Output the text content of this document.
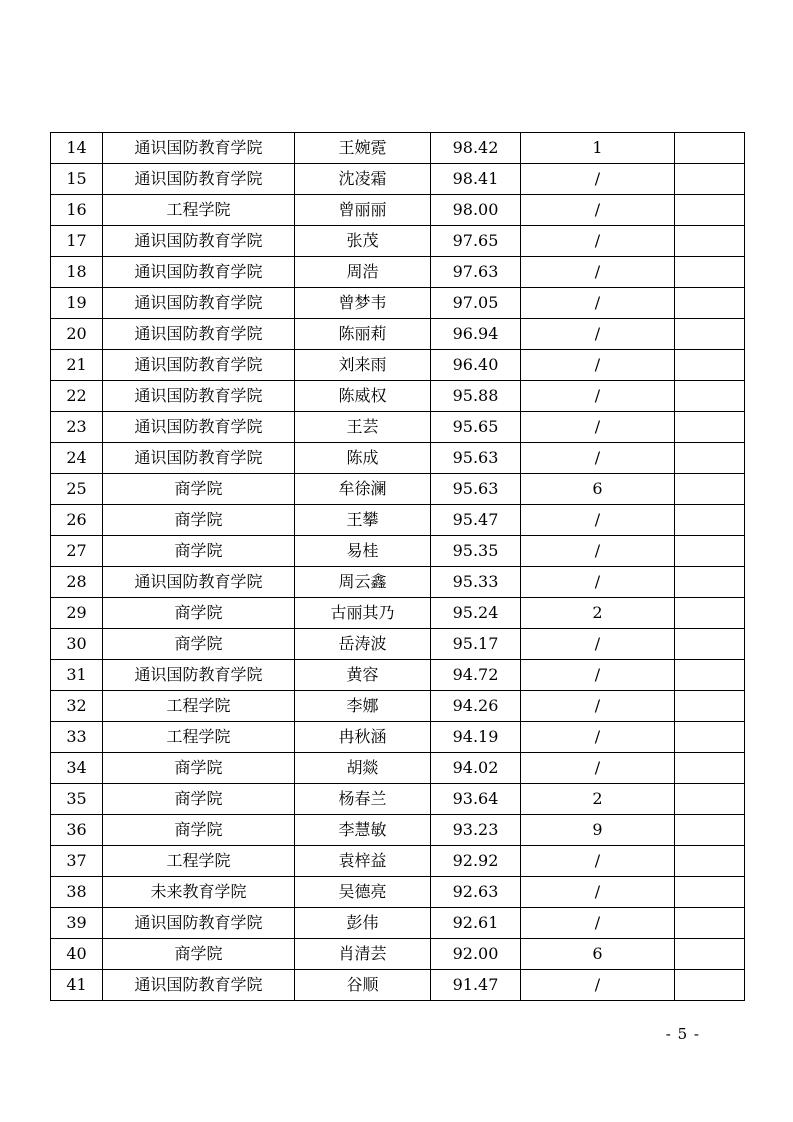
14	通识国防教育学院	王婉霓	98.42	1	
15	通识国防教育学院	沈凌霜	98.41	/	
16	工程学院	曾丽丽	98.00	/	
17	通识国防教育学院	张茂	97.65	/	
18	通识国防教育学院	周浩	97.63	/	
19	通识国防教育学院	曾梦韦	97.05	/	
20	通识国防教育学院	陈丽莉	96.94	/	
21	通识国防教育学院	刘来雨	96.40	/	
22	通识国防教育学院	陈威权	95.88	/	
23	通识国防教育学院	王芸	95.65	/	
24	通识国防教育学院	陈成	95.63	/	
25	商学院	牟徐澜	95.63	6	
26	商学院	王攀	95.47	/	
27	商学院	易桂	95.35	/	
28	通识国防教育学院	周云鑫	95.33	/	
29	商学院	古丽其乃	95.24	2	
30	商学院	岳涛波	95.17	/	
31	通识国防教育学院	黄容	94.72	/	
32	工程学院	李娜	94.26	/	
33	工程学院	冉秋涵	94.19	/	
34	商学院	胡燚	94.02	/	
35	商学院	杨春兰	93.64	2	
36	商学院	李慧敏	93.23	9	
37	工程学院	袁梓益	92.92	/	
38	未来教育学院	吴德亮	92.63	/	
39	通识国防教育学院	彭伟	92.61	/	
40	商学院	肖清芸	92.00	6	
41	通识国防教育学院	谷顺	91.47	/	
- 5 -
